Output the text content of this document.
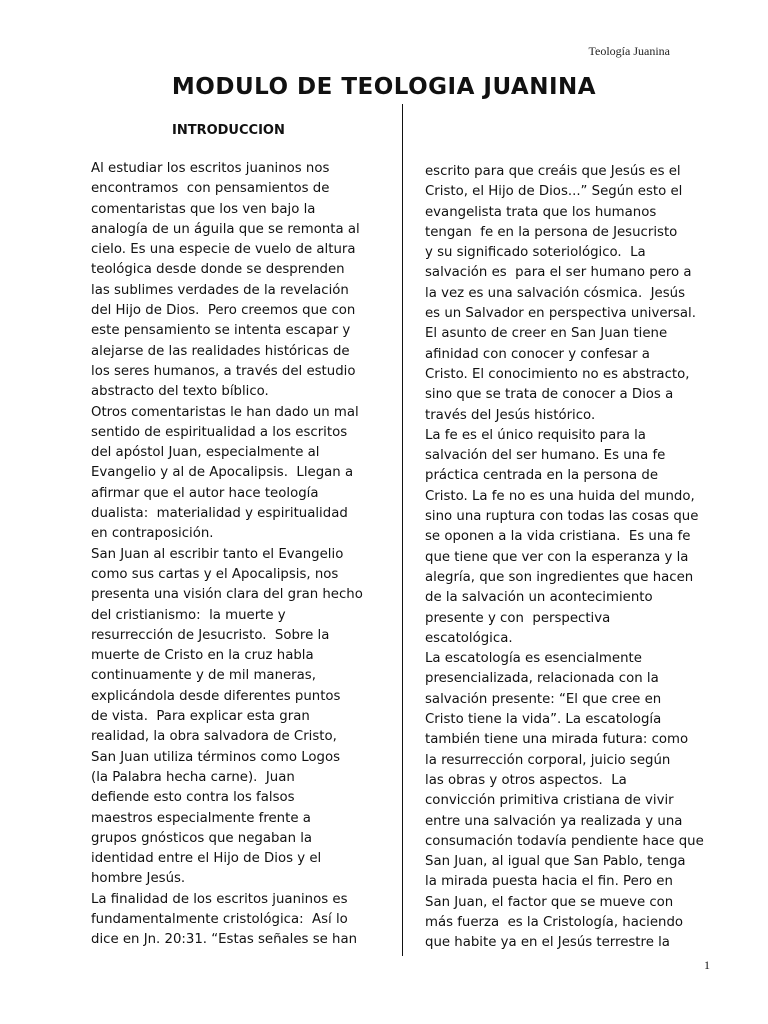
Teología Juanina
MODULO DE TEOLOGIA JUANINA
INTRODUCCION
Al estudiar los escritos juaninos nos
encontramos  con pensamientos de
comentaristas que los ven bajo la
analogía de un águila que se remonta al
cielo. Es una especie de vuelo de altura
teológica desde donde se desprenden
las sublimes verdades de la revelación
del Hijo de Dios.  Pero creemos que con
este pensamiento se intenta escapar y
alejarse de las realidades históricas de
los seres humanos, a través del estudio
abstracto del texto bíblico.
Otros comentaristas le han dado un mal
sentido de espiritualidad a los escritos
del apóstol Juan, especialmente al
Evangelio y al de Apocalipsis.  Llegan a
afirmar que el autor hace teología
dualista:  materialidad y espiritualidad
en contraposición.
San Juan al escribir tanto el Evangelio
como sus cartas y el Apocalipsis, nos
presenta una visión clara del gran hecho
del cristianismo:  la muerte y
resurrección de Jesucristo.  Sobre la
muerte de Cristo en la cruz habla
continuamente y de mil maneras,
explicándola desde diferentes puntos
de vista.  Para explicar esta gran
realidad, la obra salvadora de Cristo,
San Juan utiliza términos como Logos
(la Palabra hecha carne).  Juan
defiende esto contra los falsos
maestros especialmente frente a
grupos gnósticos que negaban la
identidad entre el Hijo de Dios y el
hombre Jesús.
La finalidad de los escritos juaninos es
fundamentalmente cristológica:  Así lo
dice en Jn. 20:31. “Estas señales se han
escrito para que creáis que Jesús es el
Cristo, el Hijo de Dios...” Según esto el
evangelista trata que los humanos
tengan  fe en la persona de Jesucristo
y su significado soteriológico.  La
salvación es  para el ser humano pero a
la vez es una salvación cósmica.  Jesús
es un Salvador en perspectiva universal.
El asunto de creer en San Juan tiene
afinidad con conocer y confesar a
Cristo. El conocimiento no es abstracto,
sino que se trata de conocer a Dios a
través del Jesús histórico.
La fe es el único requisito para la
salvación del ser humano. Es una fe
práctica centrada en la persona de
Cristo. La fe no es una huida del mundo,
sino una ruptura con todas las cosas que
se oponen a la vida cristiana.  Es una fe
que tiene que ver con la esperanza y la
alegría, que son ingredientes que hacen
de la salvación un acontecimiento
presente y con  perspectiva
escatológica.
La escatología es esencialmente
presencializada, relacionada con la
salvación presente: “El que cree en
Cristo tiene la vida”. La escatología
también tiene una mirada futura: como
la resurrección corporal, juicio según
las obras y otros aspectos.  La
convicción primitiva cristiana de vivir
entre una salvación ya realizada y una
consumación todavía pendiente hace que
San Juan, al igual que San Pablo, tenga
la mirada puesta hacia el fin. Pero en
San Juan, el factor que se mueve con
más fuerza  es la Cristología, haciendo
que habite ya en el Jesús terrestre la
1
